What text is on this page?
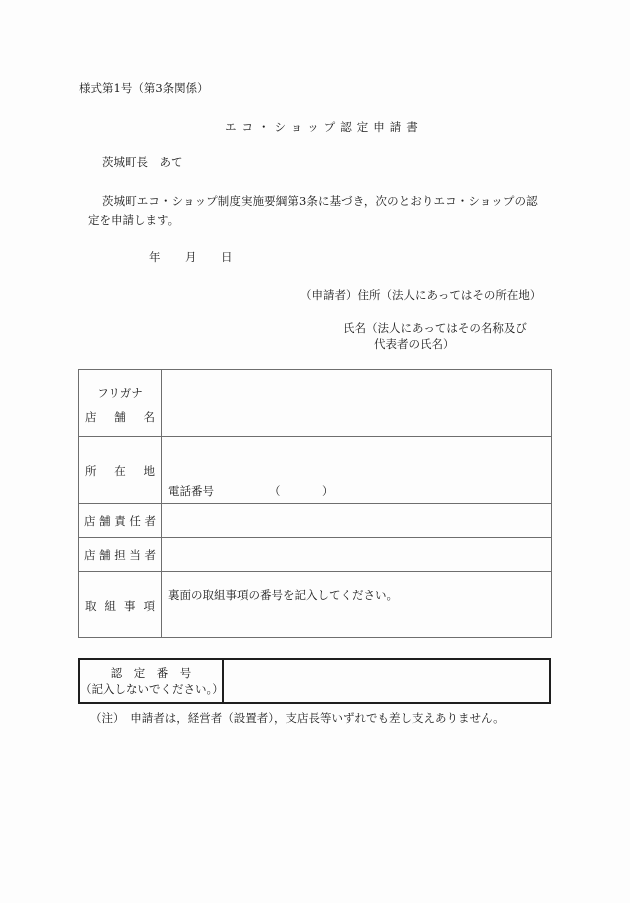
様式第1号（第3条関係）
エコ・ショップ認定申請書
茨城町長　あて
茨城町エコ・ショップ制度実施要綱第3条に基づき，次のとおりエコ・ショップの認
定を申請します。
年 月 日
（申請者）住所（法人にあってはその所在地）
氏名（法人にあってはその名称及び
代表者の氏名）
フリガナ
店 舗 名	

所 在 地	電話番号 （ ）

店 舗 責 任 者	

店 舗 担 当 者	

取 組 事 項	裏面の取組事項の番号を記入してください。
認　定　番　号
（記入しないでください。）

（注）　申請者は，経営者（設置者），支店長等いずれでも差し支えありません。
